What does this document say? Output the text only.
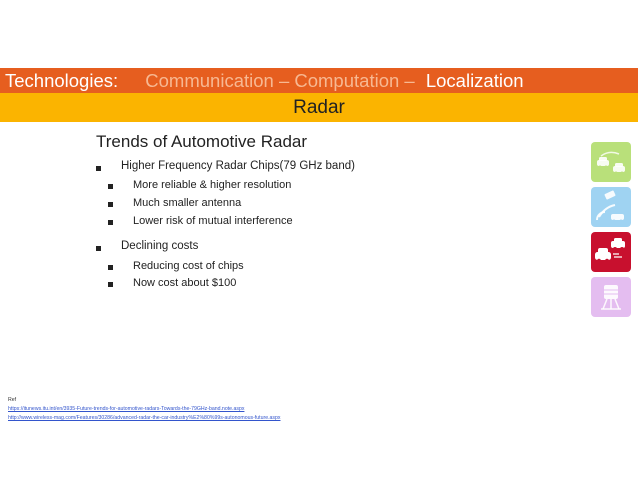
Technologies: Communication – Computation – Localization
Radar
Trends of Automotive Radar
Higher Frequency Radar Chips(79 GHz band)
More reliable & higher resolution
Much smaller antenna
Lower risk of mutual interference
Declining costs
Reducing cost of chips
Now cost about $100
Ref
https://itunews.itu.int/en/3935-Future-trends-for-automotive-radars-Towards-the-79GHz-band.note.aspx
http://www.wireless-mag.com/Features/30286/advanced-radar-the-car-industry%E2%80%99s-autonomous-future.aspx
